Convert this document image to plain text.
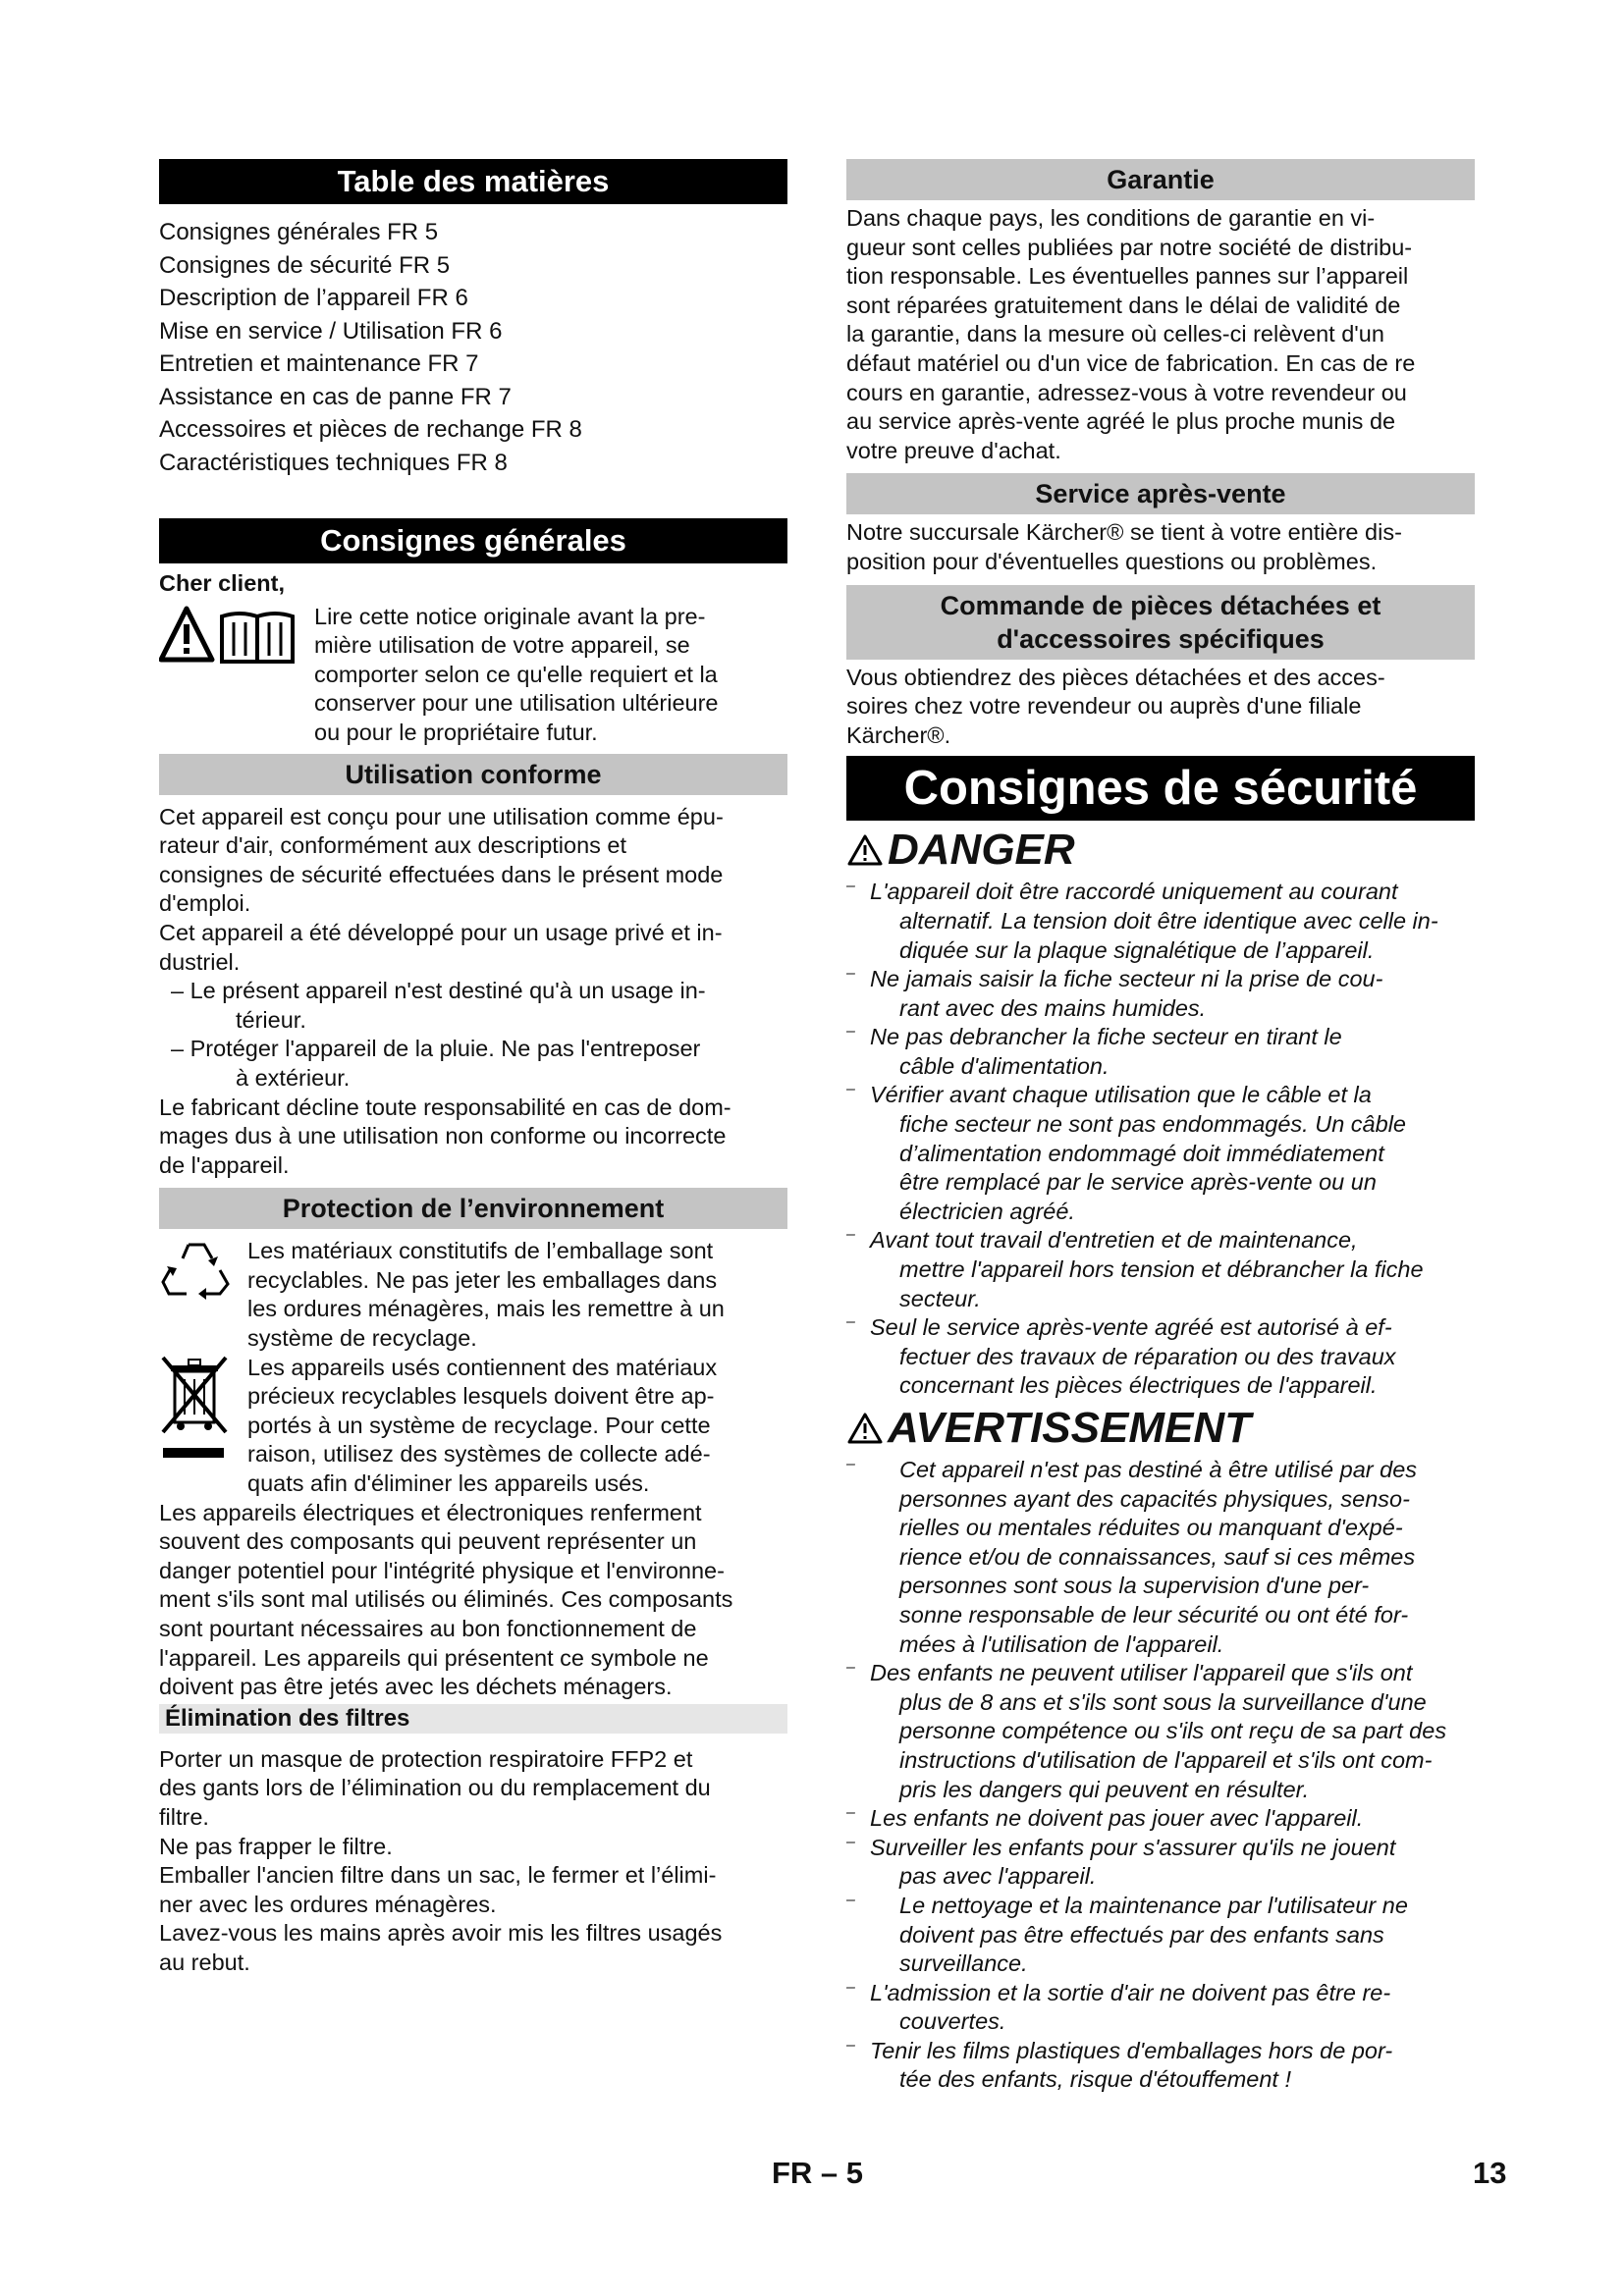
Table des matières

Consignes générales FR 5

Consignes de sécurité FR 5

Description de l’appareil FR 6

Mise en service / Utilisation FR 6

Entretien et maintenance FR 7

Assistance en cas de panne FR 7

Accessoires et pièces de rechange FR 8

Caractéristiques techniques FR 8

Consignes générales

Cher client,

Lire cette notice originale avant la pre-

mière utilisation de votre appareil, se

comporter selon ce qu'elle requiert et la

conserver pour une utilisation ultérieure

ou pour le propriétaire futur.

Utilisation conforme

Cet appareil est conçu pour une utilisation comme épu-

rateur d'air, conformément aux descriptions et

consignes de sécurité effectuées dans le présent mode

d'emploi.

Cet appareil a été développé pour un usage privé et in-

dustriel.

– Le présent appareil n'est destiné qu'à un usage in-

térieur.

– Protéger l'appareil de la pluie. Ne pas l'entreposer

à extérieur.

Le fabricant décline toute responsabilité en cas de dom-

mages dus à une utilisation non conforme ou incorrecte

de l'appareil.

Protection de l’environnement

Les matériaux constitutifs de l’emballage sont

recyclables. Ne pas jeter les emballages dans

les ordures ménagères, mais les remettre à un

système de recyclage.

Les appareils usés contiennent des matériaux

précieux recyclables lesquels doivent être ap-

portés à un système de recyclage. Pour cette

raison, utilisez des systèmes de collecte adé-

quats afin d'éliminer les appareils usés.

Les appareils électriques et électroniques renferment

souvent des composants qui peuvent représenter un

danger potentiel pour l'intégrité physique et l'environne-

ment s'ils sont mal utilisés ou éliminés. Ces composants

sont pourtant nécessaires au bon fonctionnement de

l'appareil. Les appareils qui présentent ce symbole ne

doivent pas être jetés avec les déchets ménagers.

Élimination des filtres

Porter un masque de protection respiratoire FFP2 et

des gants lors de l’élimination ou du remplacement du

filtre.

Ne pas frapper le filtre.

Emballer l'ancien filtre dans un sac, le fermer et l’élimi-

ner avec les ordures ménagères.

Lavez-vous les mains après avoir mis les filtres usagés

au rebut.

Garantie

Dans chaque pays, les conditions de garantie en vi-

gueur sont celles publiées par notre société de distribu-

tion responsable. Les éventuelles pannes sur l’appareil

sont réparées gratuitement dans le délai de validité de

la garantie, dans la mesure où celles-ci relèvent d'un

défaut matériel ou d'un vice de fabrication. En cas de re

cours en garantie, adressez-vous à votre revendeur ou

au service après-vente agréé le plus proche munis de

votre preuve d'achat.

Service après-vente

Notre succursale Kärcher® se tient à votre entière dis-

position pour d'éventuelles questions ou problèmes.

Commande de pièces détachées et
d'accessoires spécifiques

Vous obtiendrez des pièces détachées et des acces-

soires chez votre revendeur ou auprès d'une filiale

Kärcher®.

Consignes de sécurité
DANGER
– L'appareil doit être raccordé uniquement au courant

alternatif. La tension doit être identique avec celle in-

diquée sur la plaque signalétique de l’appareil.

– Ne jamais saisir la fiche secteur ni la prise de cou-

rant avec des mains humides.

– Ne pas debrancher la fiche secteur en tirant le

câble d'alimentation.

– Vérifier avant chaque utilisation que le câble et la

fiche secteur ne sont pas endommagés. Un câble

d’alimentation endommagé doit immédiatement

être remplacé par le service après-vente ou un

électricien agréé.

– Avant tout travail d'entretien et de maintenance,

mettre l'appareil hors tension et débrancher la fiche

secteur.

– Seul le service après-vente agréé est autorisé à ef-

fectuer des travaux de réparation ou des travaux

concernant les pièces électriques de l'appareil.

AVERTISSEMENT
–	Cet appareil n'est pas destiné à être utilisé par des

personnes ayant des capacités physiques, senso-

rielles ou mentales réduites ou manquant d'expé-

rience et/ou de connaissances, sauf si ces mêmes

personnes sont sous la supervision d'une per-

sonne responsable de leur sécurité ou ont été for-

mées à l'utilisation de l'appareil.

– Des enfants ne peuvent utiliser l'appareil que s'ils ont

plus de 8 ans et s'ils sont sous la surveillance d'une

personne compétence ou s'ils ont reçu de sa part des

instructions d'utilisation de l'appareil et s'ils ont com-

pris les dangers qui peuvent en résulter.

– Les enfants ne doivent pas jouer avec l'appareil.

– Surveiller les enfants pour s'assurer qu'ils ne jouent

pas avec l'appareil.

–	Le nettoyage et la maintenance par l'utilisateur ne

doivent pas être effectués par des enfants sans

surveillance.

– L'admission et la sortie d'air ne doivent pas être re-

couvertes.

– Tenir les films plastiques d'emballages hors de por-

tée des enfants, risque d'étouffement !

FR – 5	13
